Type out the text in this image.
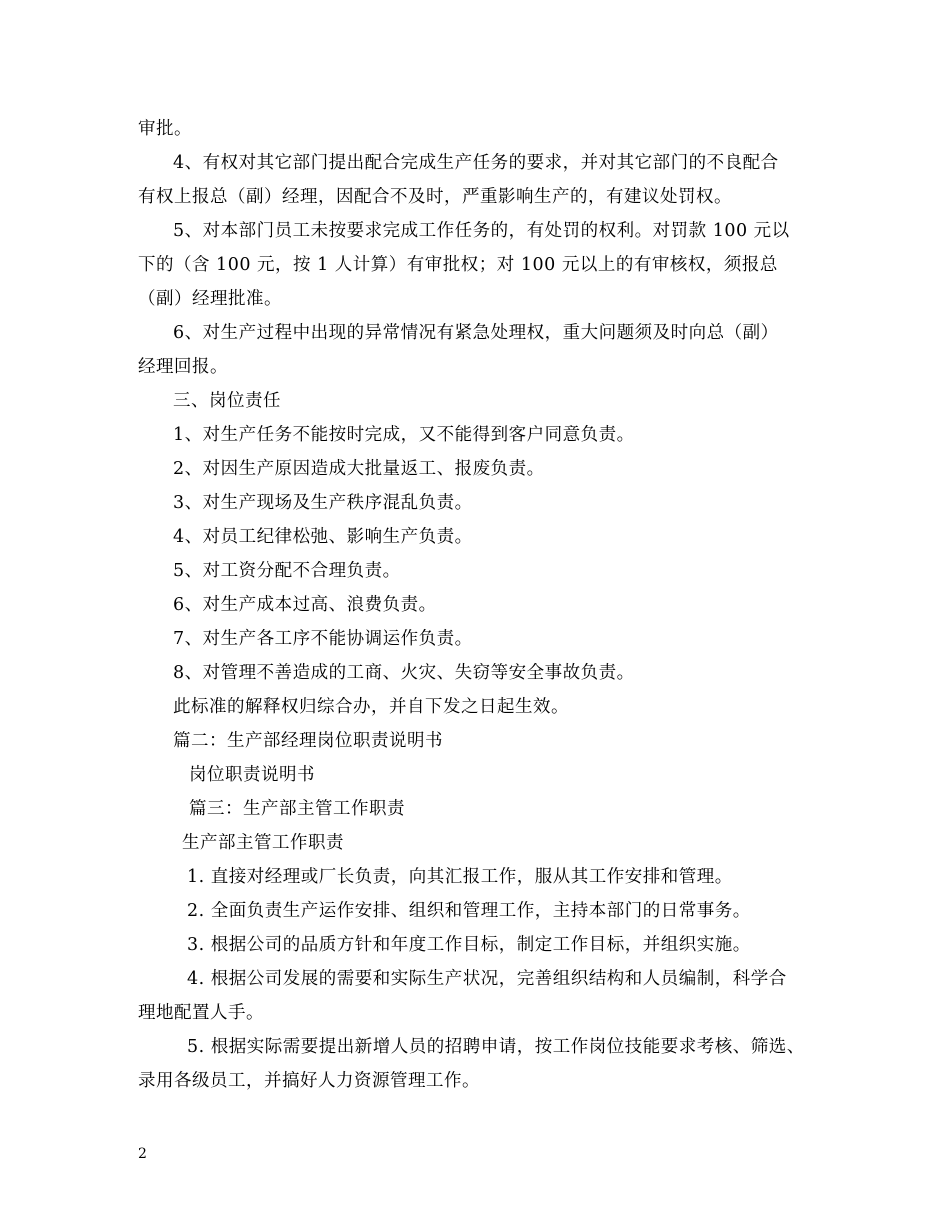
审批。
4、有权对其它部门提出配合完成生产任务的要求，并对其它部门的不良配合
有权上报总（副）经理，因配合不及时，严重影响生产的，有建议处罚权。
5、对本部门员工未按要求完成工作任务的，有处罚的权利。对罚款 100 元以
下的（含 100 元，按 1 人计算）有审批权；对 100 元以上的有审核权，须报总
（副）经理批准。
6、对生产过程中出现的异常情况有紧急处理权，重大问题须及时向总（副）
经理回报。
三、岗位责任
1、对生产任务不能按时完成，又不能得到客户同意负责。
2、对因生产原因造成大批量返工、报废负责。
3、对生产现场及生产秩序混乱负责。
4、对员工纪律松弛、影响生产负责。
5、对工资分配不合理负责。
6、对生产成本过高、浪费负责。
7、对生产各工序不能协调运作负责。
8、对管理不善造成的工商、火灾、失窃等安全事故负责。
此标准的解释权归综合办，并自下发之日起生效。
篇二：生产部经理岗位职责说明书
岗位职责说明书
篇三：生产部主管工作职责
生产部主管工作职责
1. 直接对经理或厂长负责，向其汇报工作，服从其工作安排和管理。
2. 全面负责生产运作安排、组织和管理工作，主持本部门的日常事务。
3. 根据公司的品质方针和年度工作目标，制定工作目标，并组织实施。
4. 根据公司发展的需要和实际生产状况，完善组织结构和人员编制，科学合
理地配置人手。
5. 根据实际需要提出新增人员的招聘申请，按工作岗位技能要求考核、筛选、
录用各级员工，并搞好人力资源管理工作。
2
